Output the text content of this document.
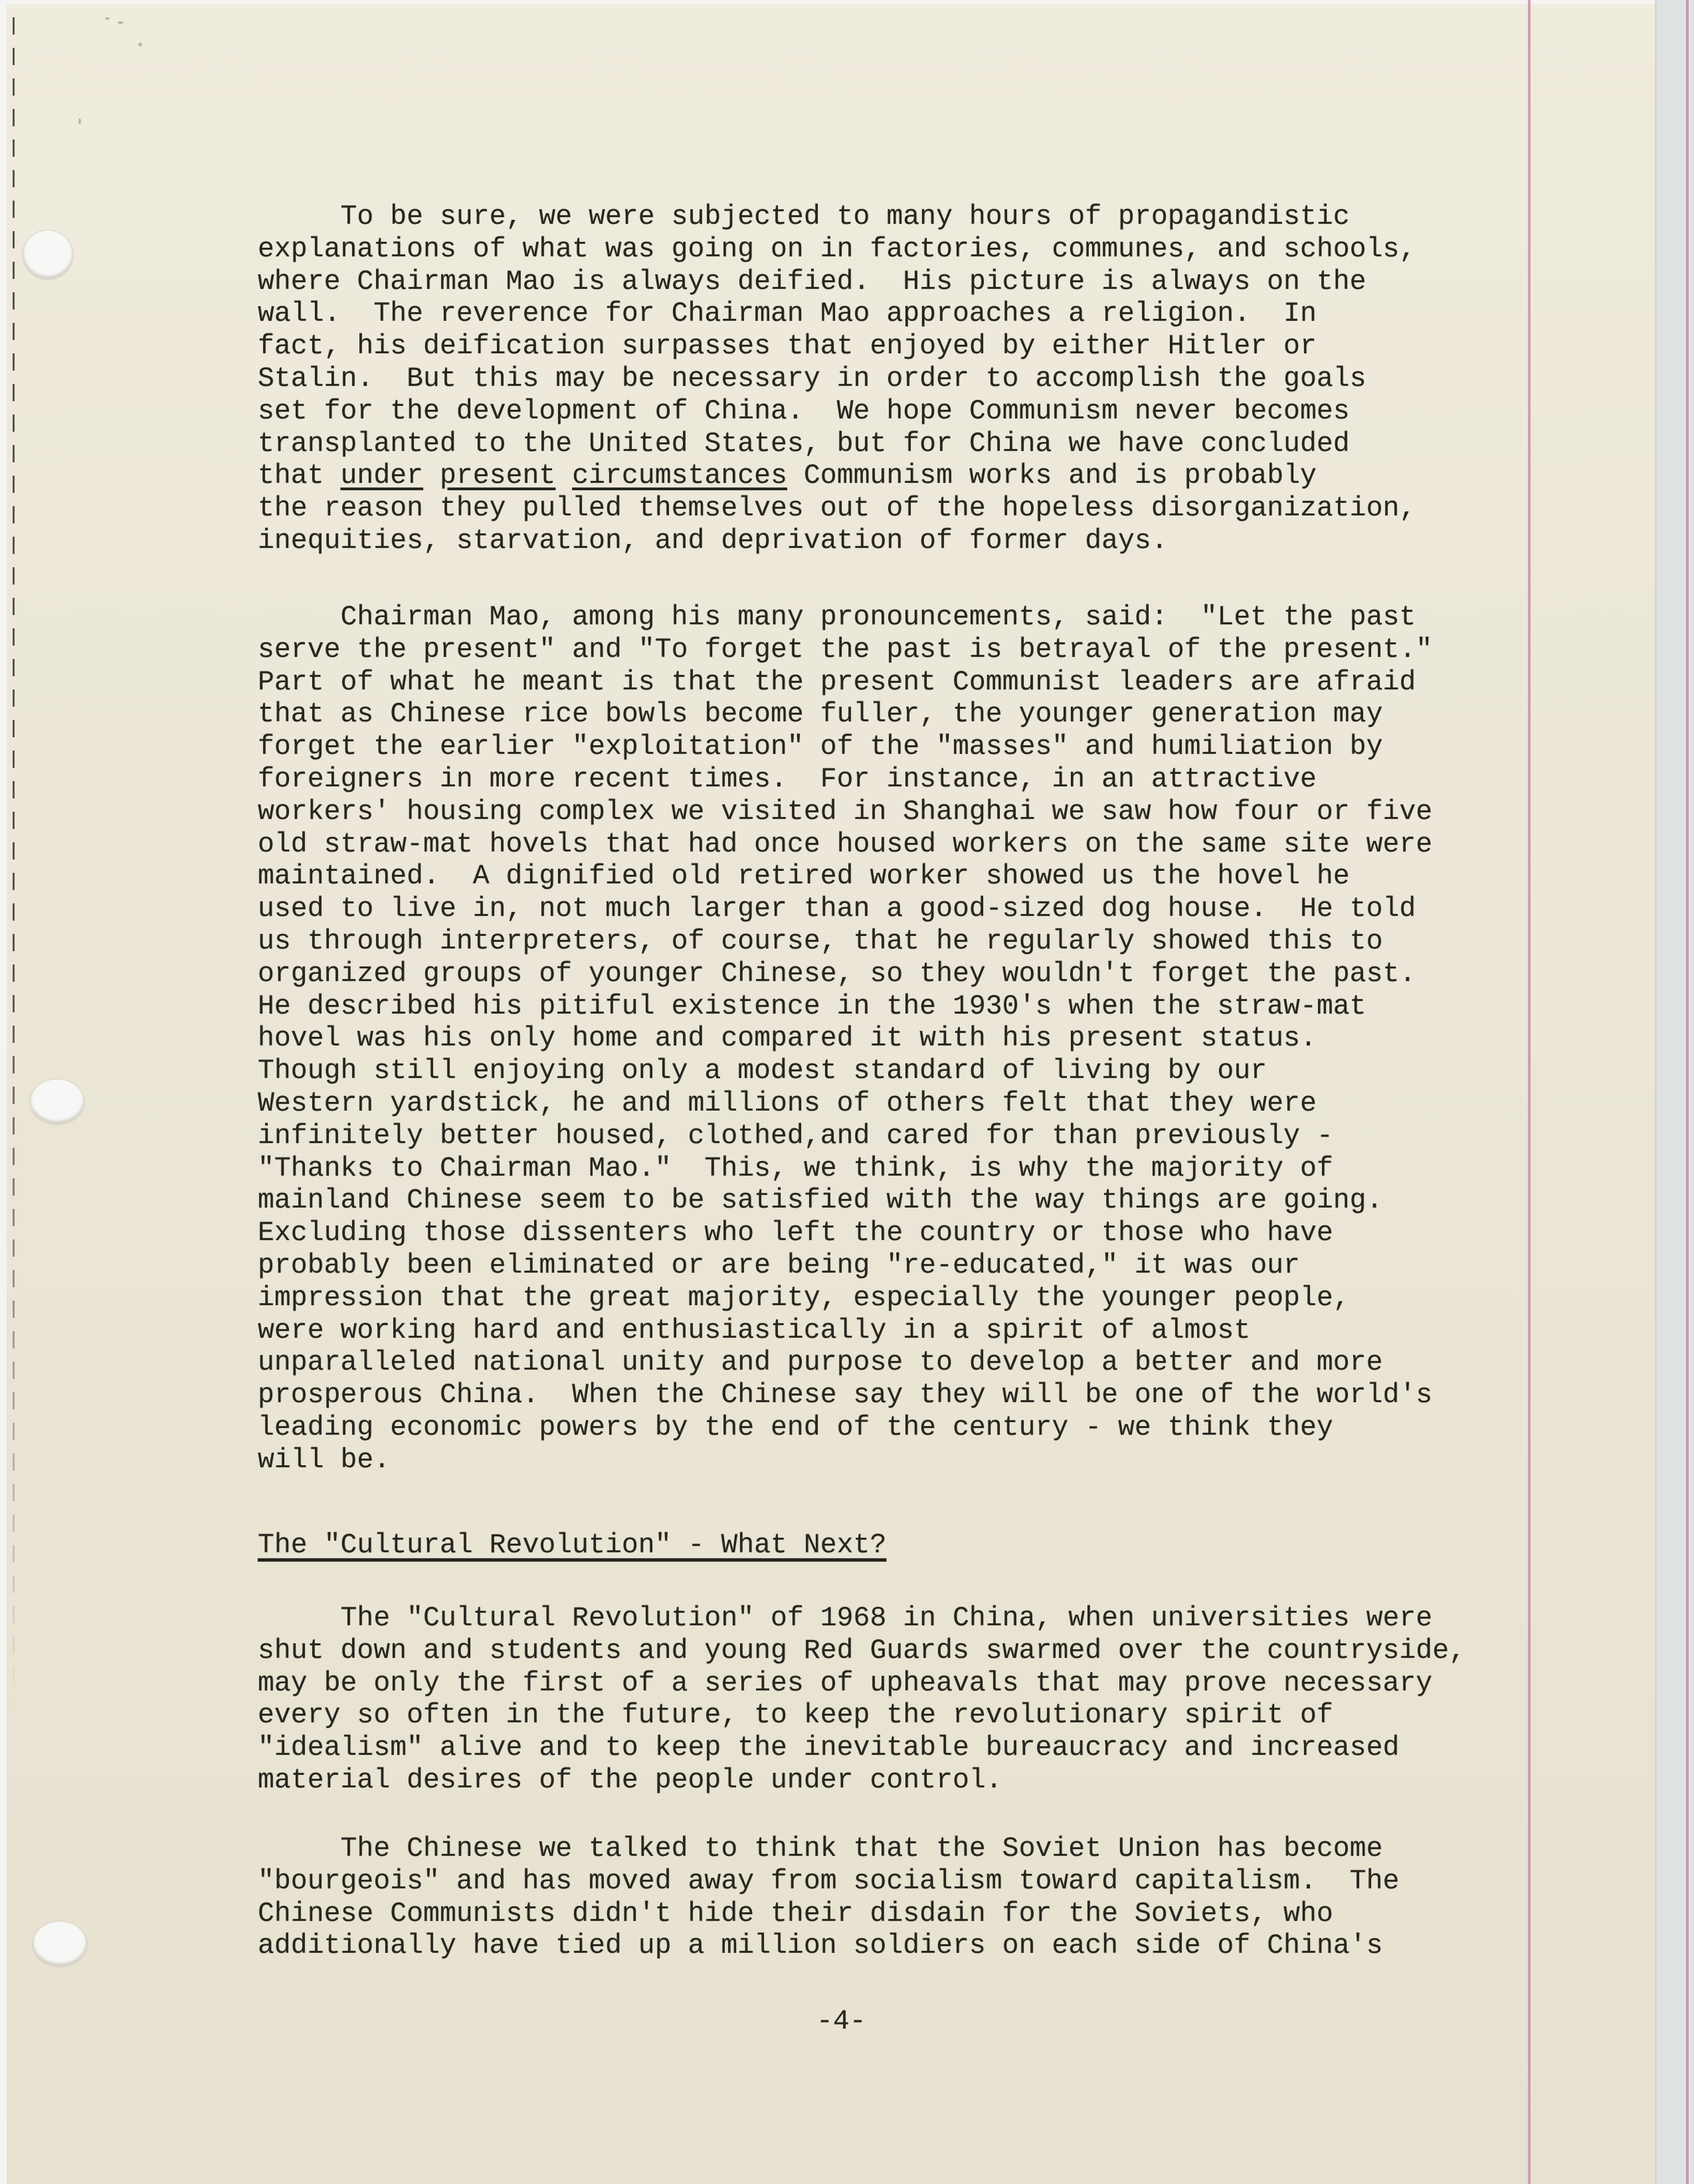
To be sure, we were subjected to many hours of propagandistic
explanations of what was going on in factories, communes, and schools,
where Chairman Mao is always deified.  His picture is always on the
wall.  The reverence for Chairman Mao approaches a religion.  In
fact, his deification surpasses that enjoyed by either Hitler or
Stalin.  But this may be necessary in order to accomplish the goals
set for the development of China.  We hope Communism never becomes
transplanted to the United States, but for China we have concluded
that under present circumstances Communism works and is probably
the reason they pulled themselves out of the hopeless disorganization,
inequities, starvation, and deprivation of former days.
Chairman Mao, among his many pronouncements, said:  "Let the past
serve the present" and "To forget the past is betrayal of the present."
Part of what he meant is that the present Communist leaders are afraid
that as Chinese rice bowls become fuller, the younger generation may
forget the earlier "exploitation" of the "masses" and humiliation by
foreigners in more recent times.  For instance, in an attractive
workers' housing complex we visited in Shanghai we saw how four or five
old straw-mat hovels that had once housed workers on the same site were
maintained.  A dignified old retired worker showed us the hovel he
used to live in, not much larger than a good-sized dog house.  He told
us through interpreters, of course, that he regularly showed this to
organized groups of younger Chinese, so they wouldn't forget the past.
He described his pitiful existence in the 1930's when the straw-mat
hovel was his only home and compared it with his present status.
Though still enjoying only a modest standard of living by our
Western yardstick, he and millions of others felt that they were
infinitely better housed, clothed,and cared for than previously -
"Thanks to Chairman Mao."  This, we think, is why the majority of
mainland Chinese seem to be satisfied with the way things are going.
Excluding those dissenters who left the country or those who have
probably been eliminated or are being "re-educated," it was our
impression that the great majority, especially the younger people,
were working hard and enthusiastically in a spirit of almost
unparalleled national unity and purpose to develop a better and more
prosperous China.  When the Chinese say they will be one of the world's
leading economic powers by the end of the century - we think they
will be.
The "Cultural Revolution" - What Next?
The "Cultural Revolution" of 1968 in China, when universities were
shut down and students and young Red Guards swarmed over the countryside,
may be only the first of a series of upheavals that may prove necessary
every so often in the future, to keep the revolutionary spirit of
"idealism" alive and to keep the inevitable bureaucracy and increased
material desires of the people under control.
The Chinese we talked to think that the Soviet Union has become
"bourgeois" and has moved away from socialism toward capitalism.  The
Chinese Communists didn't hide their disdain for the Soviets, who
additionally have tied up a million soldiers on each side of China's
-4-
